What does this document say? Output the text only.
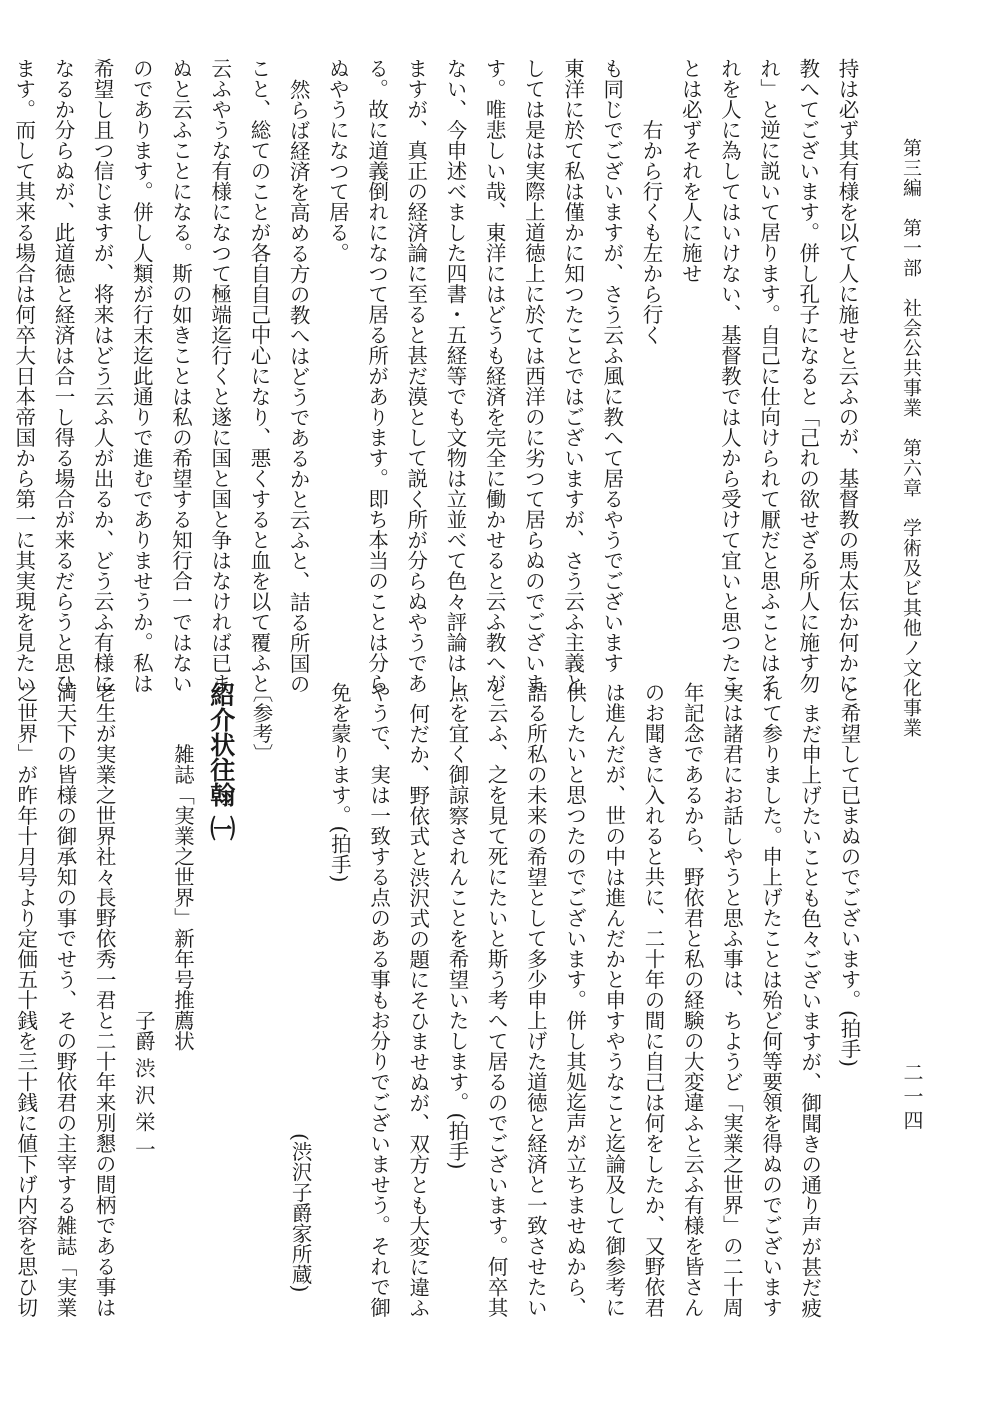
第三編　第一部　社会公共事業　第六章　学術及ビ其他ノ文化事業
二一四

持は必ず其有様を以て人に施せと云ふのが、基督教の馬太伝か何かに

教へてございます。併し孔子になると「己れの欲せざる所人に施す勿

れ」と逆に説いて居ります。自己に仕向けられて厭だと思ふことはそ

れを人に為してはいけない、基督教では人から受けて宜いと思つたこ

とは必ずそれを人に施せ

　　　右から行くも左から行く

も同じでございますが、さう云ふ風に教へて居るやうでございます

東洋に於て私は僅かに知つたことではございますが、さう云ふ主義と

しては是は実際上道徳上に於ては西洋のに劣つて居らぬのでございま

す。唯悲しい哉、東洋にはどうも経済を完全に働かせると云ふ教へが

ない、今申述べました四書・五経等でも文物は立並べて色々評論はし

ますが、真正の経済論に至ると甚だ漠として説く所が分らぬやうであ

る。故に道義倒れになつて居る所があります。即ち本当のことは分ら

ぬやうになつて居る。

然らば経済を高める方の教へはどうであるかと云ふと、詰る所国の

こと、総てのことが各自自己中心になり、悪くすると血を以て覆ふと

云ふやうな有様になつて極端迄行くと遂に国と国と争はなければ已ま

ぬと云ふことになる。斯の如きことは私の希望する知行合一ではない

のであります。併し人類が行末迄此通りで進むでありませうか。私は

希望し且つ信じますが、将来はどう云ふ人が出るか、どう云ふ有様に

なるか分らぬが、此道徳と経済は合一し得る場合が来るだらうと思ひ

ます。而して其来る場合は何卒大日本帝国から第一に其実現を見たい

と希望して已まぬのでございます。(拍手)

まだ申上げたいことも色々ございますが、御聞きの通り声が甚だ疲

れて参りました。申上げたことは殆ど何等要領を得ぬのでございます

実は諸君にお話しやうと思ふ事は、ちようど「実業之世界」の二十周

年記念であるから、野依君と私の経験の大変違ふと云ふ有様を皆さん

のお聞きに入れると共に、二十年の間に自己は何をしたか、又野依君

は進んだが、世の中は進んだかと申すやうなこと迄論及して御参考に

供したいと思つたのでございます。併し其処迄声が立ちませぬから、

詰る所私の未来の希望として多少申上げた道徳と経済と一致させたい

と云ふ、之を見て死にたいと斯う考へて居るのでございます。何卒其

点を宜く御諒察されんことを希望いたします。(拍手)

何だか、野依式と渋沢式の題にそひませぬが、双方とも大変に違ふ

やうで、実は一致する点のある事もお分りでございませう。それで御

免を蒙ります。(拍手)

　　　　　　　　　　　　　　　　　　　　　　(渋沢子爵家所蔵)

〔参考〕

紹介状往翰 ㈠

　　　雑誌「実業之世界」新年号推薦状

　　　　　　　　　　　　　　　　子爵 渋 沢 栄 一

老生が実業之世界社々長野依秀一君と二十年来別懇の間柄である事は

満天下の皆様の御承知の事でせう、その野依君の主宰する雑誌「実業

之世界」が昨年十月号より定価五十銭を三十銭に値下げ内容を思ひ切
